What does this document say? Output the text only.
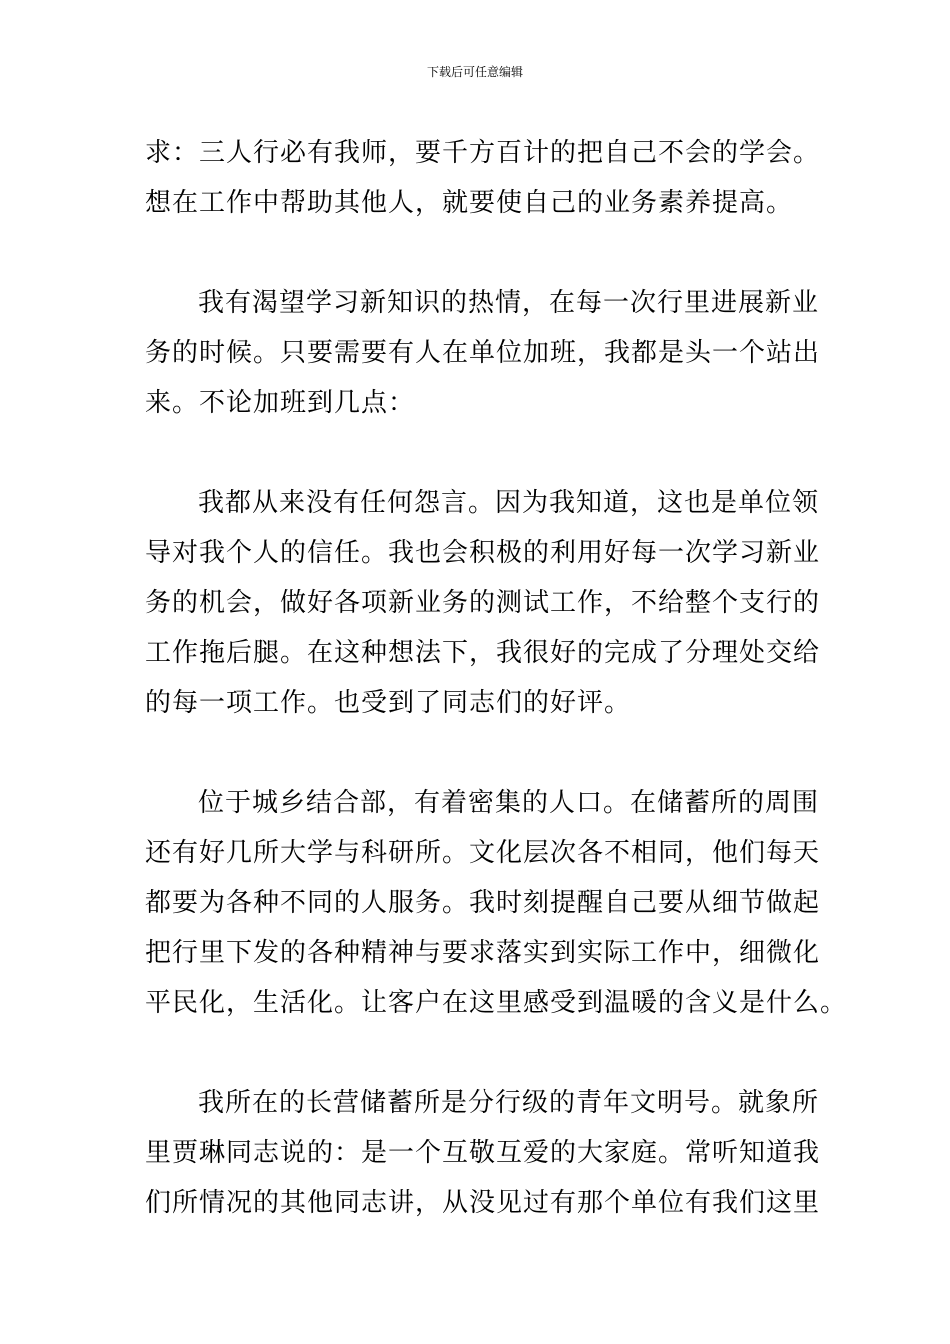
下载后可任意编辑
求：三人行必有我师，要千方百计的把自己不会的学会。
想在工作中帮助其他人，就要使自己的业务素养提高。
我有渴望学习新知识的热情，在每一次行里进展新业
务的时候。只要需要有人在单位加班，我都是头一个站出
来。不论加班到几点：
我都从来没有任何怨言。因为我知道，这也是单位领
导对我个人的信任。我也会积极的利用好每一次学习新业
务的机会，做好各项新业务的测试工作，不给整个支行的
工作拖后腿。在这种想法下，我很好的完成了分理处交给
的每一项工作。也受到了同志们的好评。
位于城乡结合部，有着密集的人口。在储蓄所的周围
还有好几所大学与科研所。文化层次各不相同，他们每天
都要为各种不同的人服务。我时刻提醒自己要从细节做起
把行里下发的各种精神与要求落实到实际工作中，细微化
平民化，生活化。让客户在这里感受到温暖的含义是什么。
我所在的长营储蓄所是分行级的青年文明号。就象所
里贾琳同志说的：是一个互敬互爱的大家庭。常听知道我
们所情况的其他同志讲，从没见过有那个单位有我们这里
